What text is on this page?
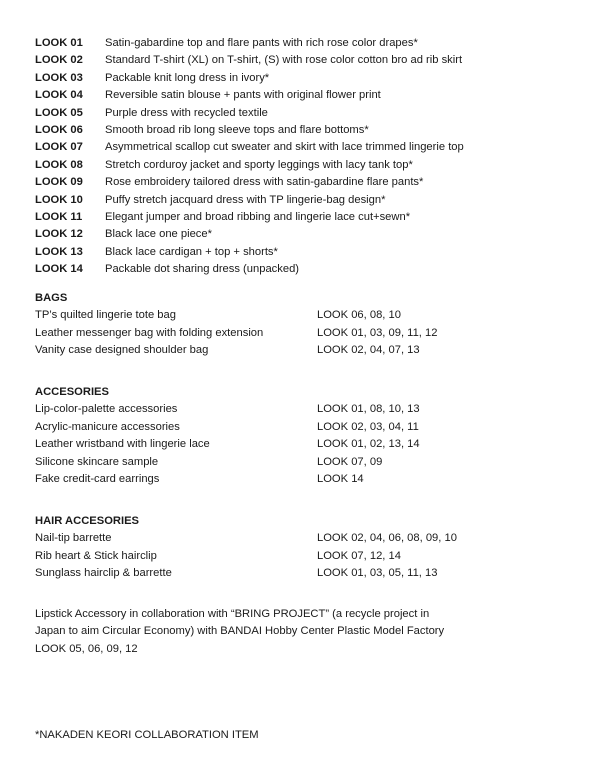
LOOK 01	Satin-gabardine top and flare pants with rich rose color drapes*
LOOK 02	Standard T-shirt (XL) on T-shirt, (S) with rose color cotton bro ad rib skirt
LOOK 03	Packable knit long dress in ivory*
LOOK 04	Reversible satin blouse + pants with original flower print
LOOK 05	Purple dress with recycled textile
LOOK 06	Smooth broad rib long sleeve tops and flare bottoms*
LOOK 07	Asymmetrical scallop cut sweater and skirt with lace trimmed lingerie top
LOOK 08	Stretch corduroy jacket and sporty leggings with lacy tank top*
LOOK 09	Rose embroidery tailored dress with satin-gabardine flare pants*
LOOK 10	Puffy stretch jacquard dress with TP lingerie-bag design*
LOOK 11	Elegant jumper and broad ribbing and lingerie lace cut+sewn*
LOOK 12	Black lace one piece*
LOOK 13	Black lace cardigan + top + shorts*
LOOK 14	Packable dot sharing dress (unpacked)
BAGS
TP’s quilted lingerie tote bag	LOOK 06, 08, 10
Leather messenger bag with folding extension	LOOK 01, 03, 09, 11, 12
Vanity case designed shoulder bag	LOOK 02, 04, 07, 13
ACCESORIES
Lip-color-palette accessories	LOOK 01, 08, 10, 13
Acrylic-manicure accessories	LOOK 02, 03, 04, 11
Leather wristband with lingerie lace	LOOK 01, 02, 13, 14
Silicone skincare sample	LOOK 07, 09
Fake credit-card earrings	LOOK 14
HAIR ACCESORIES
Nail-tip barrette	LOOK 02, 04, 06, 08, 09, 10
Rib heart & Stick hairclip	LOOK 07, 12, 14
Sunglass hairclip & barrette	LOOK 01, 03, 05, 11, 13
Lipstick Accessory in collaboration with “BRING PROJECT” (a recycle project in
Japan to aim Circular Economy) with BANDAI Hobby Center Plastic Model Factory
LOOK 05, 06, 09, 12
*NAKADEN KEORI COLLABORATION ITEM
